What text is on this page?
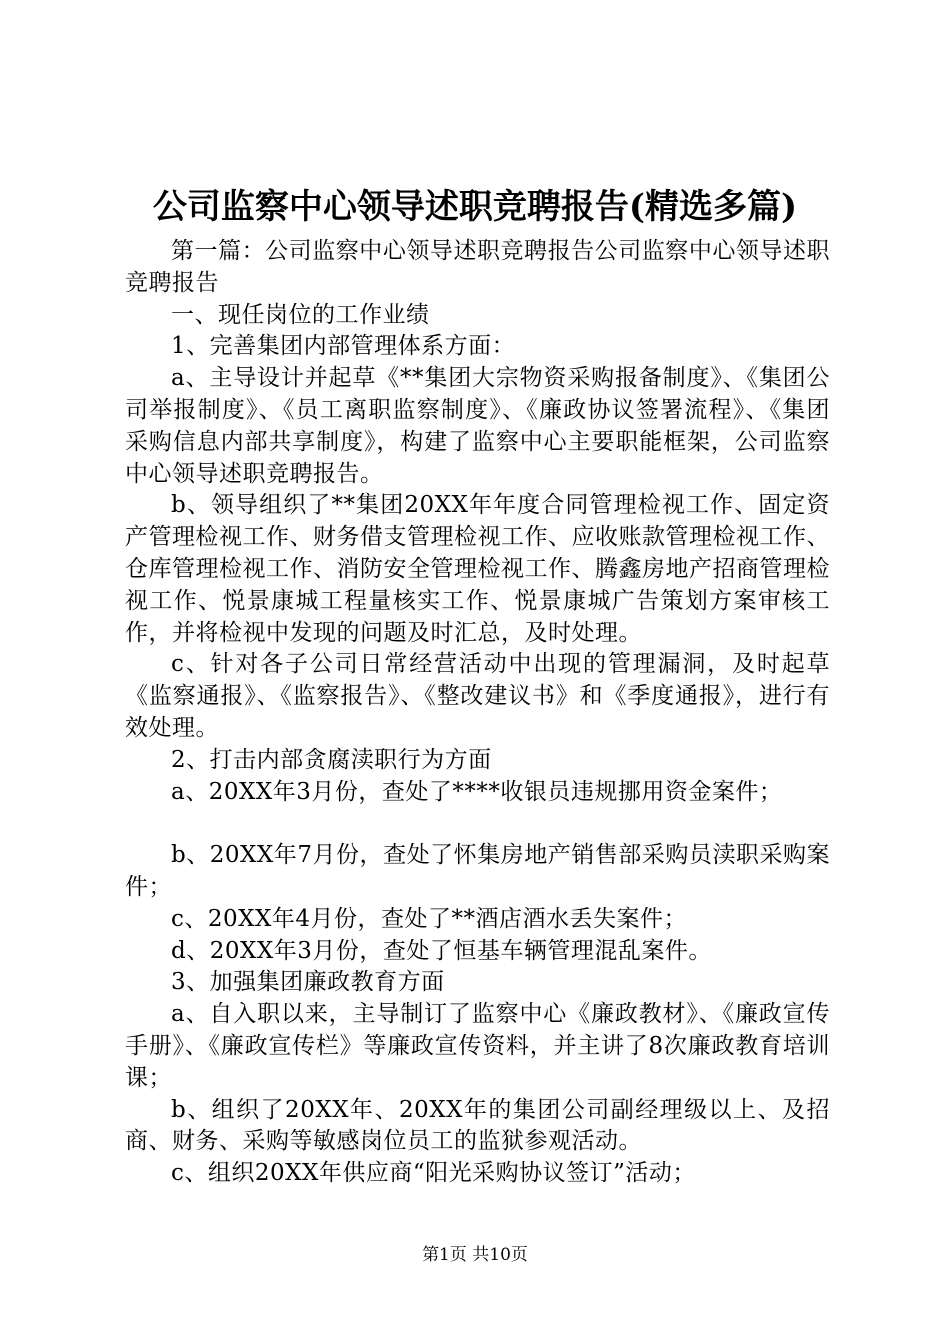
公司监察中心领导述职竞聘报告(精选多篇)

第一篇：公司监察中心领导述职竞聘报告公司监察中心领导述职竞聘报告

一、现任岗位的工作业绩

1、完善集团内部管理体系方面：

a、主导设计并起草《**集团大宗物资采购报备制度》、《集团公司举报制度》、《员工离职监察制度》、《廉政协议签署流程》、《集团采购信息内部共享制度》，构建了监察中心主要职能框架，公司监察中心领导述职竞聘报告。

b、领导组织了**集团20XX年年度合同管理检视工作、固定资产管理检视工作、财务借支管理检视工作、应收账款管理检视工作、仓库管理检视工作、消防安全管理检视工作、腾鑫房地产招商管理检视工作、悦景康城工程量核实工作、悦景康城广告策划方案审核工作，并将检视中发现的问题及时汇总，及时处理。

c、针对各子公司日常经营活动中出现的管理漏洞，及时起草《监察通报》、《监察报告》、《整改建议书》和《季度通报》，进行有效处理。

2、打击内部贪腐渎职行为方面

a、20XX年3月份，查处了****收银员违规挪用资金案件；

b、20XX年7月份，查处了怀集房地产销售部采购员渎职采购案件；

c、20XX年4月份，查处了**酒店酒水丢失案件；

d、20XX年3月份，查处了恒基车辆管理混乱案件。

3、加强集团廉政教育方面

a、自入职以来，主导制订了监察中心《廉政教材》、《廉政宣传手册》、《廉政宣传栏》等廉政宣传资料，并主讲了8次廉政教育培训课；

b、组织了20XX年、20XX年的集团公司副经理级以上、及招商、财务、采购等敏感岗位员工的监狱参观活动。

c、组织20XX年供应商“阳光采购协议签订”活动；

第1页 共10页
